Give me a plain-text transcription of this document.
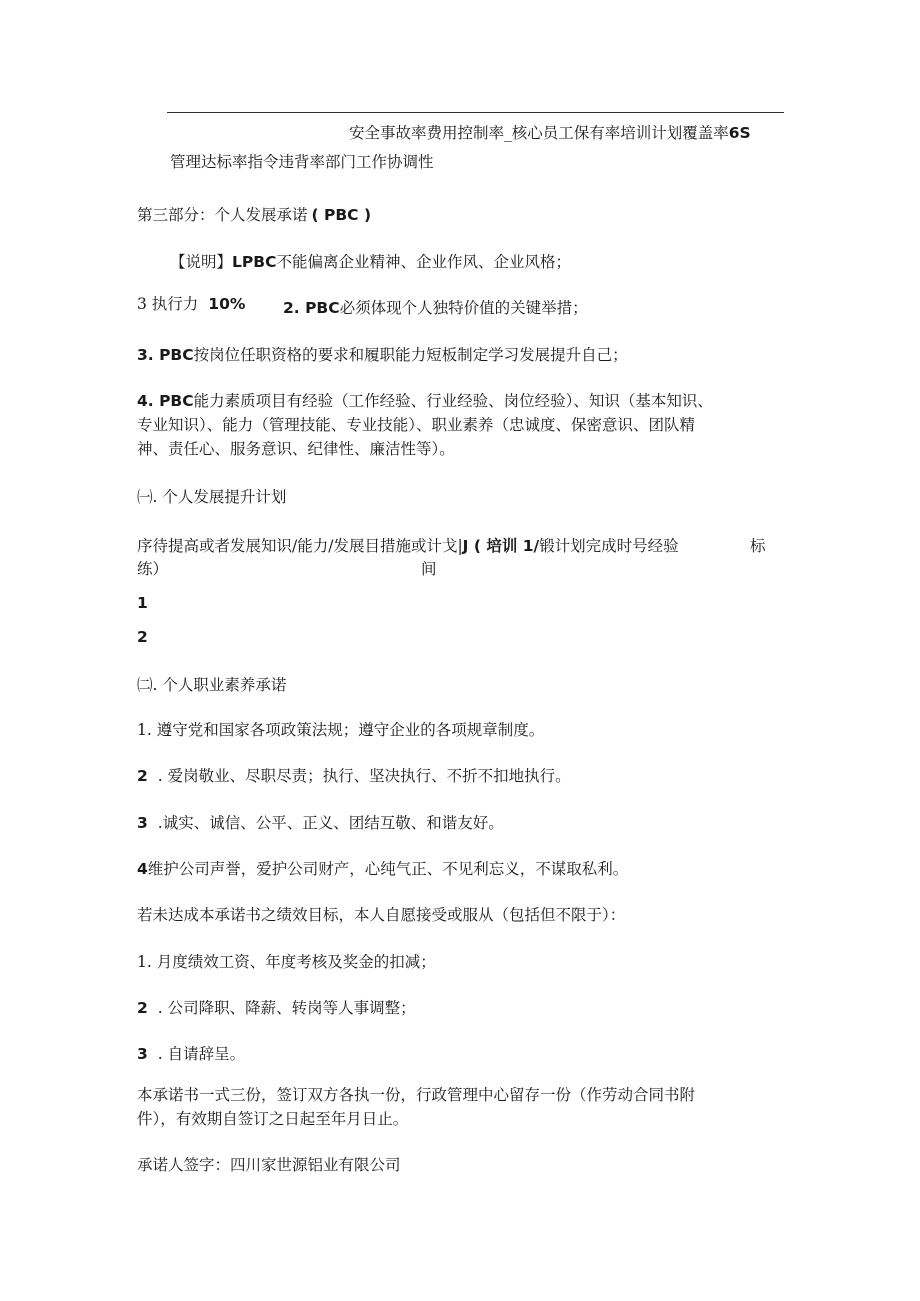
安全事故率费用控制率_核心员工保有率培训计划覆盖率6S
管理达标率指令违背率部门工作协调性
第三部分：个人发展承诺 ( PBC )
【说明】LPBC不能偏离企业精神、企业作风、企业风格；
3 执行力 10% 2. PBC必须体现个人独特价值的关键举措；
3. PBC按岗位任职资格的要求和履职能力短板制定学习发展提升自己；
4. PBC能力素质项目有经验（工作经验、行业经验、岗位经验）、知识（基本知识、
专业知识）、能力（管理技能、专业技能）、职业素养（忠诚度、保密意识、团队精
神、责任心、服务意识、纪律性、廉洁性等）。
㈠. 个人发展提升计划
序待提高或者发展知识/能力/发展目措施或计戈|J ( 培训 1/锻计划完成时号经验	标
练）	间
1
2
㈡. 个人职业素养承诺
1. 遵守党和国家各项政策法规；遵守企业的各项规章制度。
2 . 爱岗敬业、尽职尽责；执行、坚决执行、不折不扣地执行。
3 .诚实、诚信、公平、正义、团结互敬、和谐友好。
4维护公司声誉，爱护公司财产，心纯气正、不见利忘义，不谋取私利。
若未达成本承诺书之绩效目标，本人自愿接受或服从（包括但不限于）：
1. 月度绩效工资、年度考核及奖金的扣减；
2 . 公司降职、降薪、转岗等人事调整；
3 . 自请辞呈。
本承诺书一式三份，签订双方各执一份，行政管理中心留存一份（作劳动合同书附
件），有效期自签订之日起至年月日止。
承诺人签字：四川家世源铝业有限公司
